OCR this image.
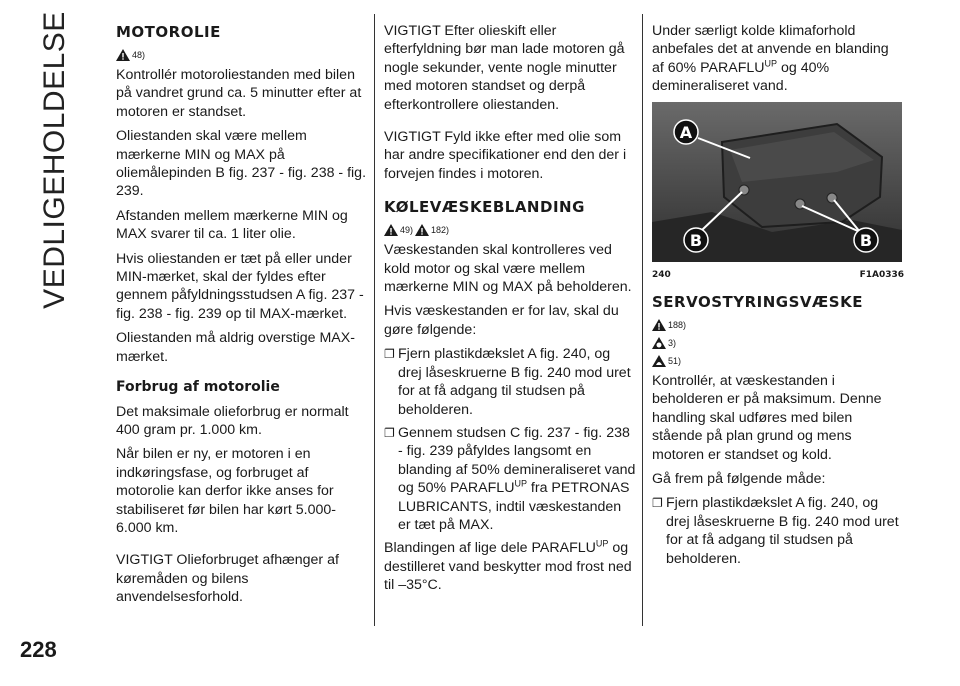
VEDLIGEHOLDELSE
228
MOTOROLIE
48)

Kontrollér motoroliestanden med bilen på vandret grund ca. 5 minutter efter at motoren er standset.

Oliestanden skal være mellem mærkerne MIN og MAX på oliemålepinden B fig. 237 - fig. 238 - fig. 239.

Afstanden mellem mærkerne MIN og MAX svarer til ca. 1 liter olie.

Hvis oliestanden er tæt på eller under MIN-mærket, skal der fyldes efter gennem påfyldningsstudsen A fig. 237 - fig. 238 - fig. 239 op til MAX-mærket.

Oliestanden må aldrig overstige MAX-mærket.

Forbrug af motorolie

Det maksimale olieforbrug er normalt 400 gram pr. 1.000 km.

Når bilen er ny, er motoren i en indkøringsfase, og forbruget af motorolie kan derfor ikke anses for stabiliseret før bilen har kørt 5.000-6.000 km.

VIGTIGT Olieforbruget afhænger af køremåden og bilens anvendelsesforhold.

VIGTIGT Efter olieskift eller efterfyldning bør man lade motoren gå nogle sekunder, vente nogle minutter med motoren standset og derpå efterkontrollere oliestanden.

VIGTIGT Fyld ikke efter med olie som har andre specifikationer end den der i forvejen findes i motoren.

KØLEVÆSKEBLANDING
49) 182)

Væskestanden skal kontrolleres ved kold motor og skal være mellem mærkerne MIN og MAX på beholderen.

Hvis væskestanden er for lav, skal du gøre følgende:

❐ Fjern plastikdækslet A fig. 240, og drej låseskruerne B fig. 240 mod uret for at få adgang til studsen på beholderen.
❐ Gennem studsen C fig. 237 - fig. 238 - fig. 239 påfyldes langsomt en blanding af 50% demineraliseret vand og 50% $PARAFLU^{UP}$ fra PETRONAS LUBRICANTS, indtil væskestanden er tæt på MAX.

Blandingen af lige dele $PARAFLU^{UP}$ og destilleret vand beskytter mod frost ned til –35°C.

Under særligt kolde klimaforhold anbefales det at anvende en blanding af 60% $PARAFLU^{UP}$ og 40% demineraliseret vand.

A
B	B
240	F1A0336
SERVOSTYRINGSVÆSKE
188)
3)
51)

Kontrollér, at væskestanden i beholderen er på maksimum. Denne handling skal udføres med bilen stående på plan grund og mens motoren er standset og kold.

Gå frem på følgende måde:

❐ Fjern plastikdækslet A fig. 240, og drej låseskruerne B fig. 240 mod uret for at få adgang til studsen på beholderen.
